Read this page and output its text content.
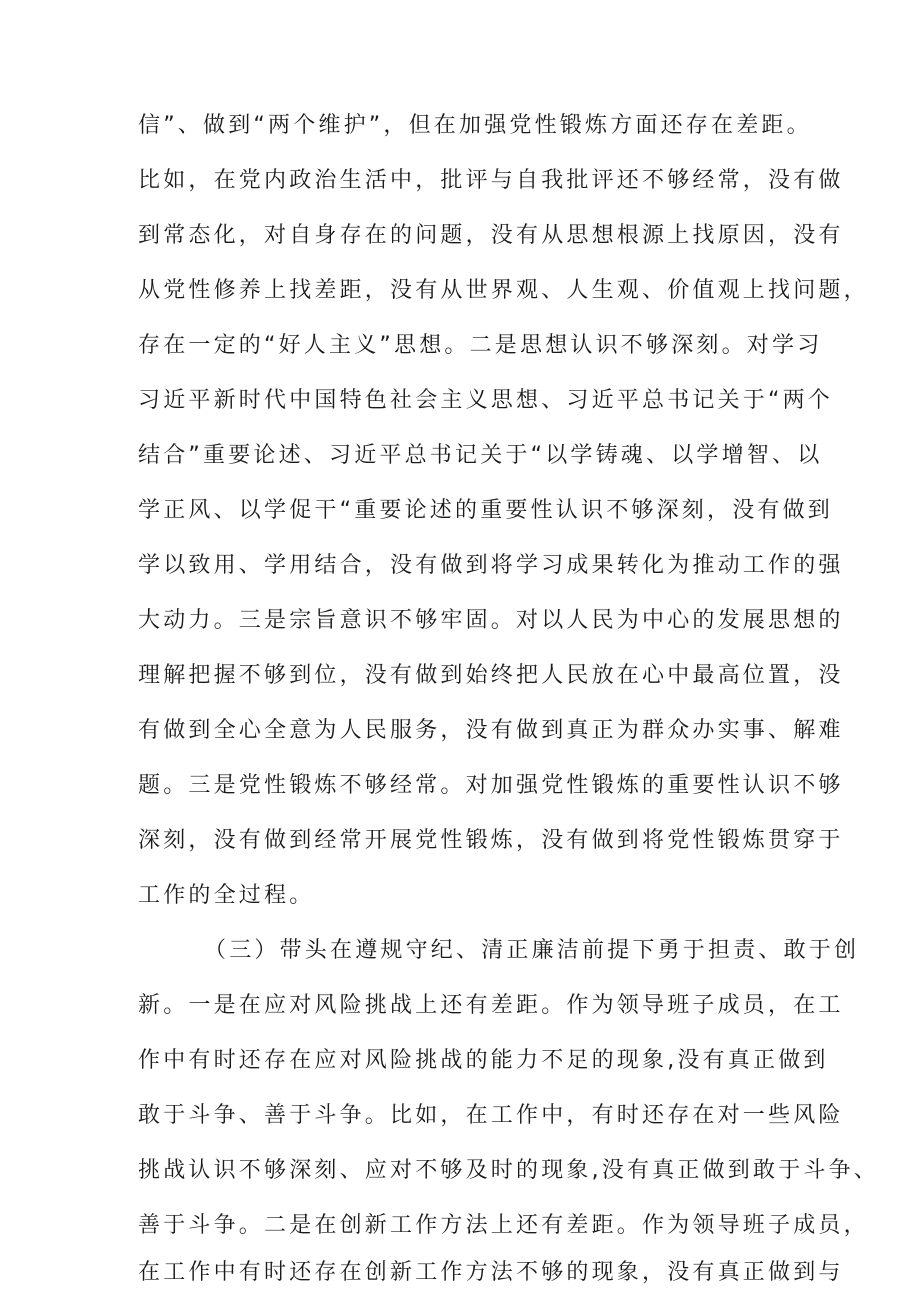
信”、做到“两个维护”，但在加强党性锻炼方面还存在差距。
比如，在党内政治生活中，批评与自我批评还不够经常，没有做
到常态化，对自身存在的问题，没有从思想根源上找原因，没有
从党性修养上找差距，没有从世界观、人生观、价值观上找问题，
存在一定的“好人主义”思想。二是思想认识不够深刻。对学习
习近平新时代中国特色社会主义思想、习近平总书记关于“两个
结合”重要论述、习近平总书记关于“以学铸魂、以学增智、以
学正风、以学促干“重要论述的重要性认识不够深刻，没有做到
学以致用、学用结合，没有做到将学习成果转化为推动工作的强
大动力。三是宗旨意识不够牢固。对以人民为中心的发展思想的
理解把握不够到位，没有做到始终把人民放在心中最高位置，没
有做到全心全意为人民服务，没有做到真正为群众办实事、解难
题。三是党性锻炼不够经常。对加强党性锻炼的重要性认识不够
深刻，没有做到经常开展党性锻炼，没有做到将党性锻炼贯穿于
工作的全过程。
（三）带头在遵规守纪、清正廉洁前提下勇于担责、敢于创
新。一是在应对风险挑战上还有差距。作为领导班子成员，在工
作中有时还存在应对风险挑战的能力不足的现象,没有真正做到
敢于斗争、善于斗争。比如，在工作中，有时还存在对一些风险
挑战认识不够深刻、应对不够及时的现象,没有真正做到敢于斗争、
善于斗争。二是在创新工作方法上还有差距。作为领导班子成员，
在工作中有时还存在创新工作方法不够的现象，没有真正做到与
